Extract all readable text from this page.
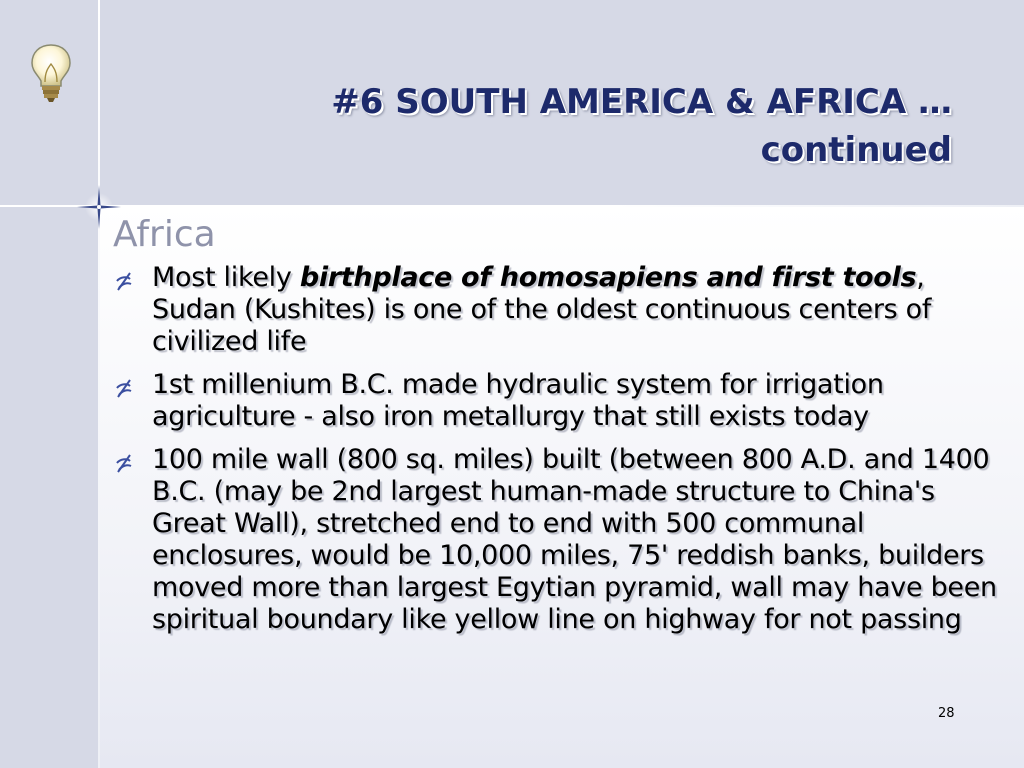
#6 SOUTH AMERICA & AFRICA …
continued
Africa
Most likely birthplace of homosapiens and first tools, Sudan (Kushites) is one of the oldest continuous centers of civilized life
1st millenium B.C. made hydraulic system for irrigation agriculture - also iron metallurgy that still exists today
100 mile wall (800 sq. miles) built (between 800 A.D. and 1400 B.C. (may be 2nd largest human-made structure to China's Great Wall), stretched end to end with 500 communal enclosures, would be 10,000 miles, 75' reddish banks, builders moved more than largest Egytian pyramid, wall may have been spiritual boundary like yellow line on highway for not passing
28
